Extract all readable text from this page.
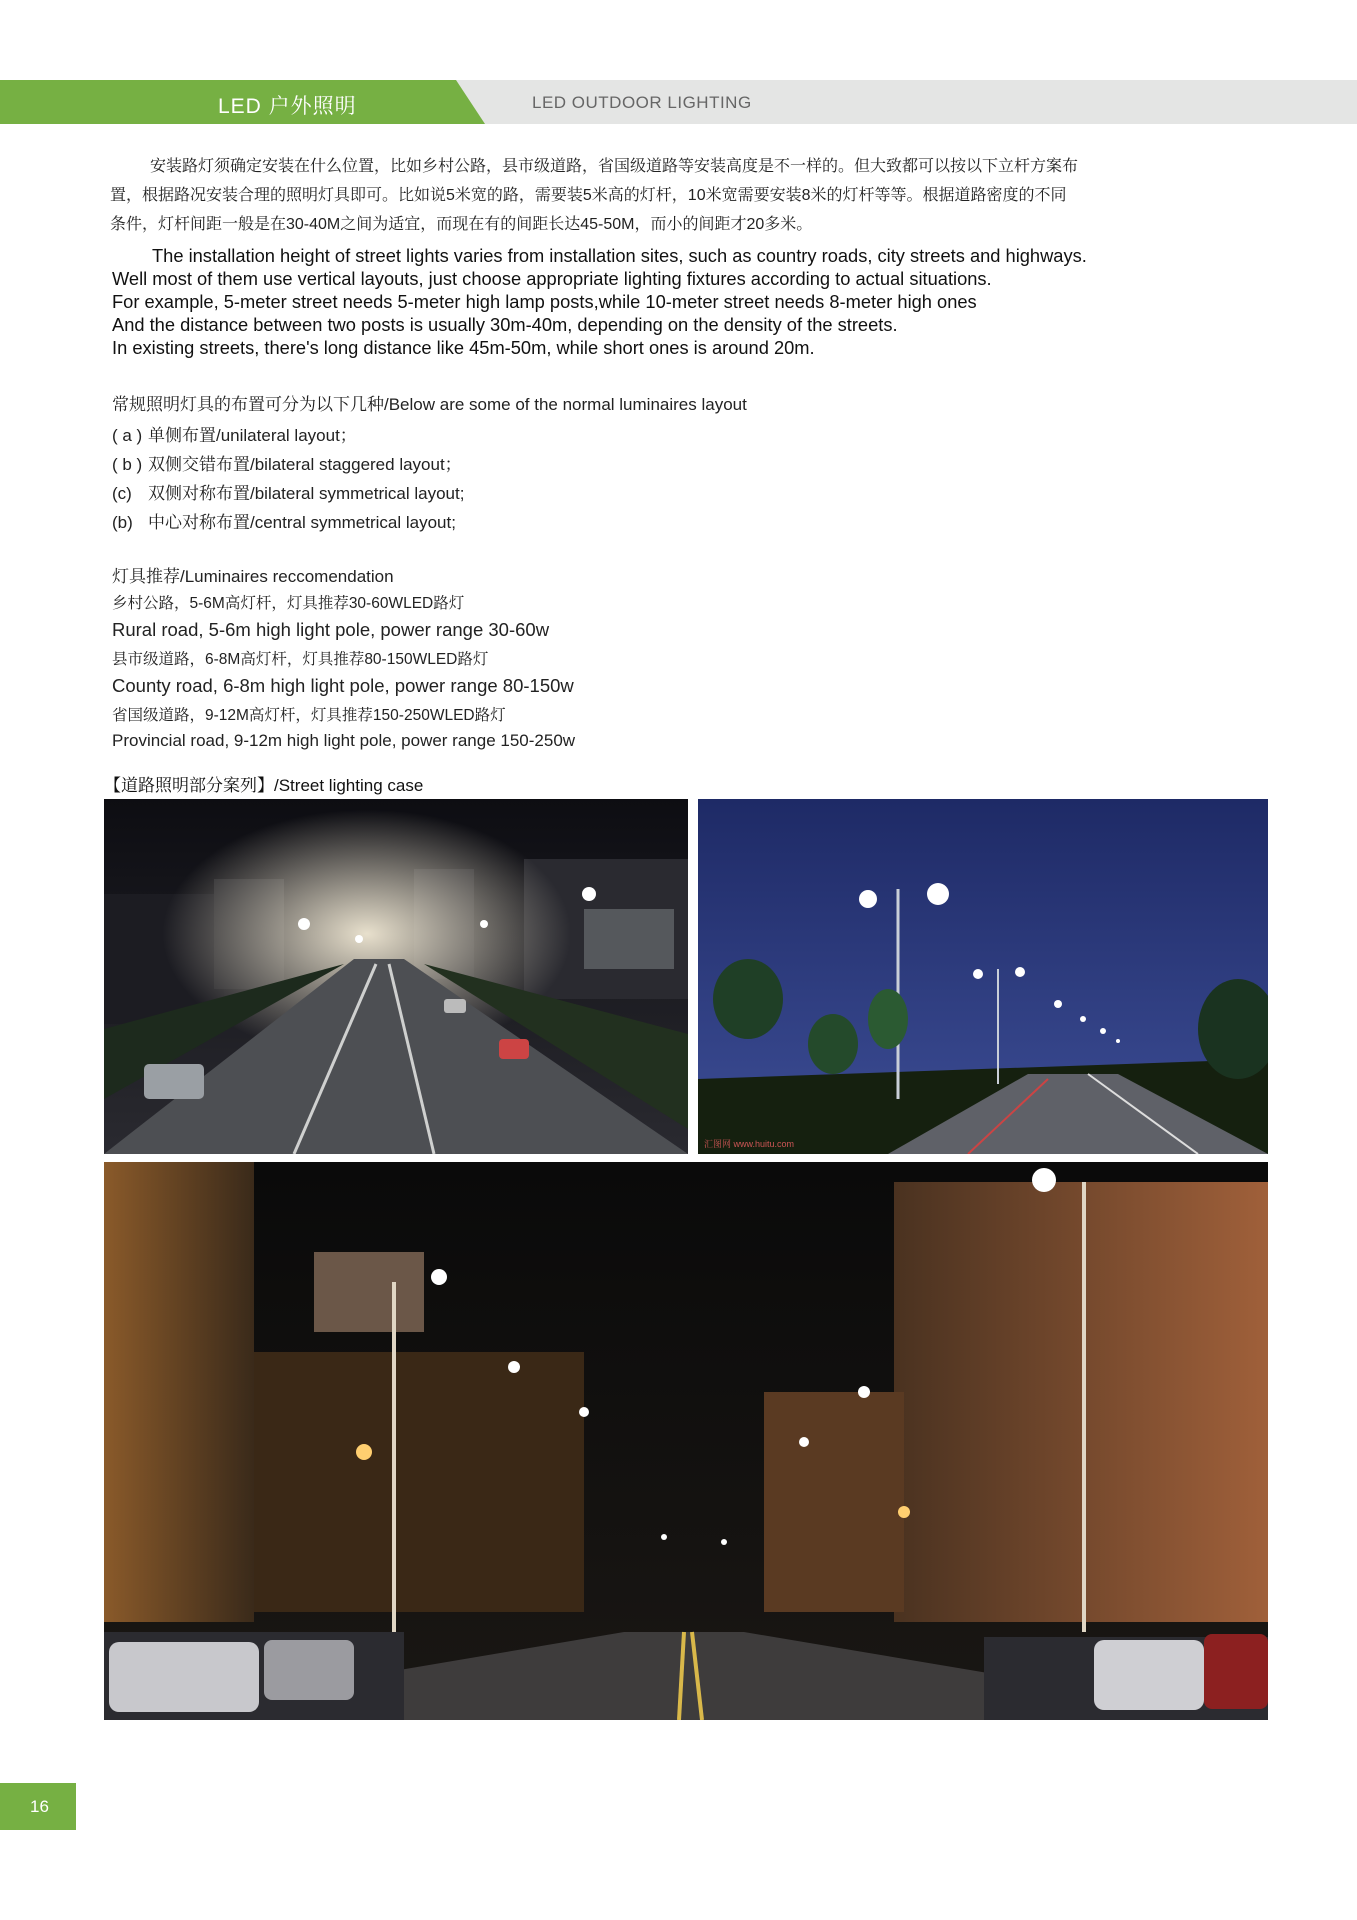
LED 户外照明	LED OUTDOOR LIGHTING

安装路灯须确定安装在什么位置，比如乡村公路，县市级道路，省国级道路等安装高度是不一样的。但大致都可以按以下立杆方案布

置，根据路况安装合理的照明灯具即可。比如说5米宽的路，需要装5米高的灯杆，10米宽需要安装8米的灯杆等等。根据道路密度的不同

条件，灯杆间距一般是在30-40M之间为适宜，而现在有的间距长达45-50M，而小的间距才20多米。

The installation height of street lights varies from installation sites, such as country roads, city streets and highways.

Well most of them use vertical layouts, just choose appropriate lighting fixtures according to actual situations.

For example, 5-meter street needs 5-meter high lamp posts,while 10-meter street needs 8-meter high ones

And the distance between two posts is usually 30m-40m, depending on the density of the streets.

In existing streets, there's long distance like 45m-50m, while short ones is around 20m.

常规照明灯具的布置可分为以下几种/Below are some of the normal luminaires layout
( a ) 单侧布置/unilateral layout；
( b ) 双侧交错布置/bilateral staggered layout；
(c) 双侧对称布置/bilateral symmetrical layout;
(b) 中心对称布置/central symmetrical layout;
灯具推荐/Luminaires reccomendation
乡村公路，5-6M高灯杆，灯具推荐30-60WLED路灯
Rural road, 5-6m high light pole, power range 30-60w
县市级道路，6-8M高灯杆，灯具推荐80-150WLED路灯
County road, 6-8m high light pole, power range 80-150w
省国级道路，9-12M高灯杆，灯具推荐150-250WLED路灯
Provincial road, 9-12m high light pole, power range 150-250w
【道路照明部分案列】/Street lighting case
汇图网 www.huitu.com
16
